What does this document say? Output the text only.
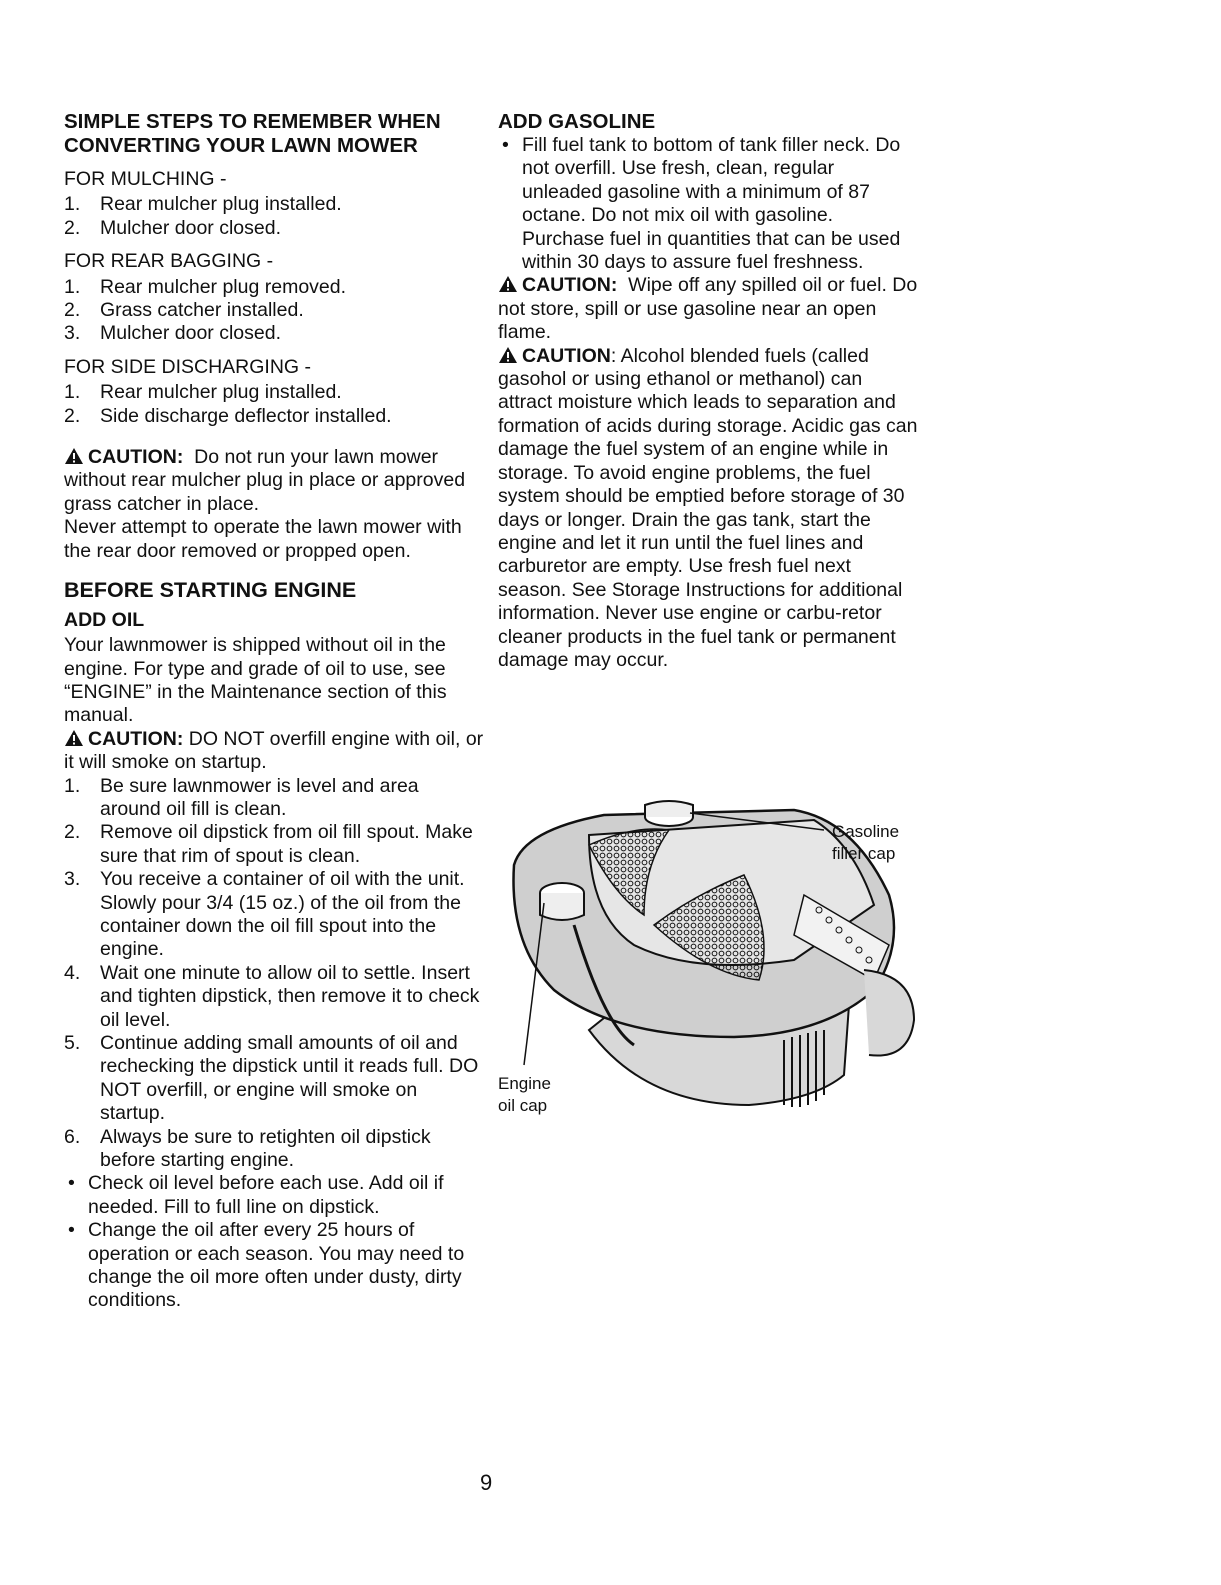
SIMPLE STEPS TO REMEMBER WHEN

CONVERTING YOUR LAWN MOWER

FOR MULCHING -

1.	Rear mulcher plug installed.
2.	Mulcher door closed.

FOR REAR BAGGING -

1.	Rear mulcher plug removed.
2.	Grass catcher installed.
3.	Mulcher door closed.

FOR SIDE DISCHARGING -

1.	Rear mulcher plug installed.
2.	Side discharge deflector installed.

CAUTION: Do not run your lawn mower without rear mulcher plug in place or approved grass catcher in place.

Never attempt to operate the lawn mower with the rear door removed or propped open.

BEFORE STARTING ENGINE

ADD OIL

Your lawnmower is shipped without oil in the engine. For type and grade of oil to use, see “ENGINE” in the Maintenance section of this manual.

CAUTION: DO NOT overfill engine with oil, or it will smoke on startup.

1.	Be sure lawnmower is level and area around oil fill is clean.
2.	Remove oil dipstick from oil fill spout. Make sure that rim of spout is clean.
3.	You receive a container of oil with the unit. Slowly pour 3/4 (15 oz.) of the oil from the container down the oil fill spout into the engine.
4.	Wait one minute to allow oil to settle. Insert and tighten dipstick, then remove it to check oil level.
5.	Continue adding small amounts of oil and rechecking the dipstick until it reads full. DO NOT overfill, or engine will smoke on startup.
6.	Always be sure to retighten oil dipstick before starting engine.
• Check oil level before each use. Add oil if needed. Fill to full line on dipstick.
• Change the oil after every 25 hours of operation or each season. You may need to change the oil more often under dusty, dirty conditions.

ADD GASOLINE

• Fill fuel tank to bottom of tank filler neck. Do not overfill. Use fresh, clean, regular unleaded gasoline with a minimum of 87 octane. Do not mix oil with gasoline. Purchase fuel in quantities that can be used within 30 days to assure fuel freshness.

CAUTION: Wipe off any spilled oil or fuel. Do not store, spill or use gasoline near an open flame.

CAUTION: Alcohol blended fuels (called gasohol or using ethanol or methanol) can attract moisture which leads to separation and formation of acids during storage. Acidic gas can damage the fuel system of an engine while in storage. To avoid engine problems, the fuel system should be emptied before storage of 30 days or longer. Drain the gas tank, start the engine and let it run until the fuel lines and carburetor are empty. Use fresh fuel next season. See Storage Instructions for additional information. Never use engine or carbu-retor cleaner products in the fuel tank or permanent damage may occur.

Gasoline
filler cap
Engine
oil cap
9
